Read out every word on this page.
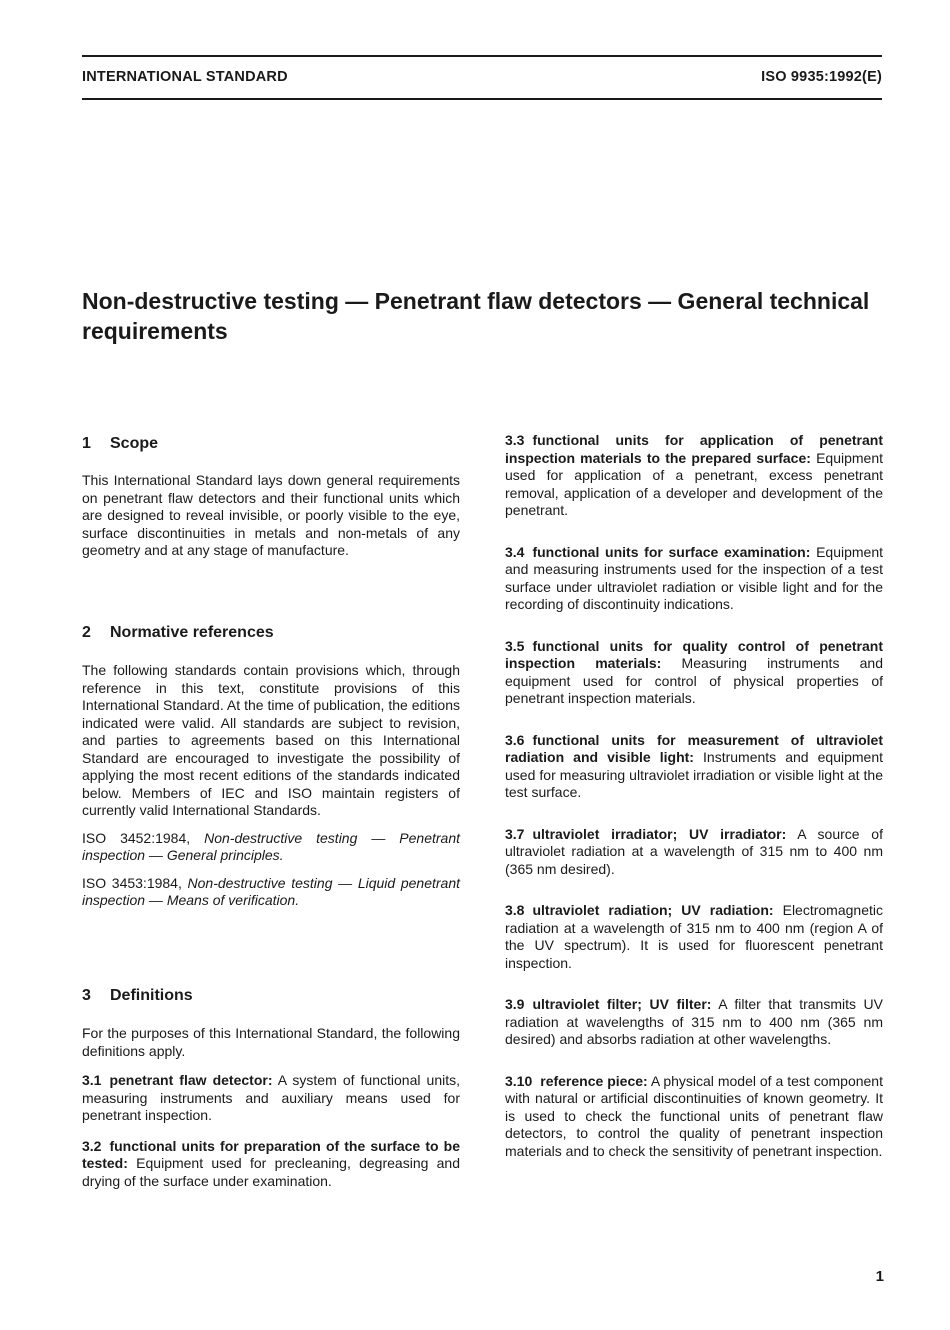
INTERNATIONAL STANDARD	ISO 9935:1992(E)
Non-destructive testing — Penetrant flaw detectors — General technical requirements
1 Scope

This International Standard lays down general requirements on penetrant flaw detectors and their functional units which are designed to reveal invisible, or poorly visible to the eye, surface discontinuities in metals and non-metals of any geometry and at any stage of manufacture.

2 Normative references

The following standards contain provisions which, through reference in this text, constitute provisions of this International Standard. At the time of publication, the editions indicated were valid. All standards are subject to revision, and parties to agreements based on this International Standard are encouraged to investigate the possibility of applying the most recent editions of the standards indicated below. Members of IEC and ISO maintain registers of currently valid International Standards.

ISO 3452:1984, Non-destructive testing — Penetrant inspection — General principles.

ISO 3453:1984, Non-destructive testing — Liquid penetrant inspection — Means of verification.

3 Definitions

For the purposes of this International Standard, the following definitions apply.

3.1 penetrant flaw detector: A system of functional units, measuring instruments and auxiliary means used for penetrant inspection.

3.2 functional units for preparation of the surface to be tested: Equipment used for precleaning, degreasing and drying of the surface under examination.

3.3 functional units for application of penetrant inspection materials to the prepared surface: Equipment used for application of a penetrant, excess penetrant removal, application of a developer and development of the penetrant.

3.4 functional units for surface examination: Equipment and measuring instruments used for the inspection of a test surface under ultraviolet radiation or visible light and for the recording of discontinuity indications.

3.5 functional units for quality control of penetrant inspection materials: Measuring instruments and equipment used for control of physical properties of penetrant inspection materials.

3.6 functional units for measurement of ultraviolet radiation and visible light: Instruments and equipment used for measuring ultraviolet irradiation or visible light at the test surface.

3.7 ultraviolet irradiator; UV irradiator: A source of ultraviolet radiation at a wavelength of 315 nm to 400 nm (365 nm desired).

3.8 ultraviolet radiation; UV radiation: Electromagnetic radiation at a wavelength of 315 nm to 400 nm (region A of the UV spectrum). It is used for fluorescent penetrant inspection.

3.9 ultraviolet filter; UV filter: A filter that transmits UV radiation at wavelengths of 315 nm to 400 nm (365 nm desired) and absorbs radiation at other wavelengths.

3.10 reference piece: A physical model of a test component with natural or artificial discontinuities of known geometry. It is used to check the functional units of penetrant flaw detectors, to control the quality of penetrant inspection materials and to check the sensitivity of penetrant inspection.

1
